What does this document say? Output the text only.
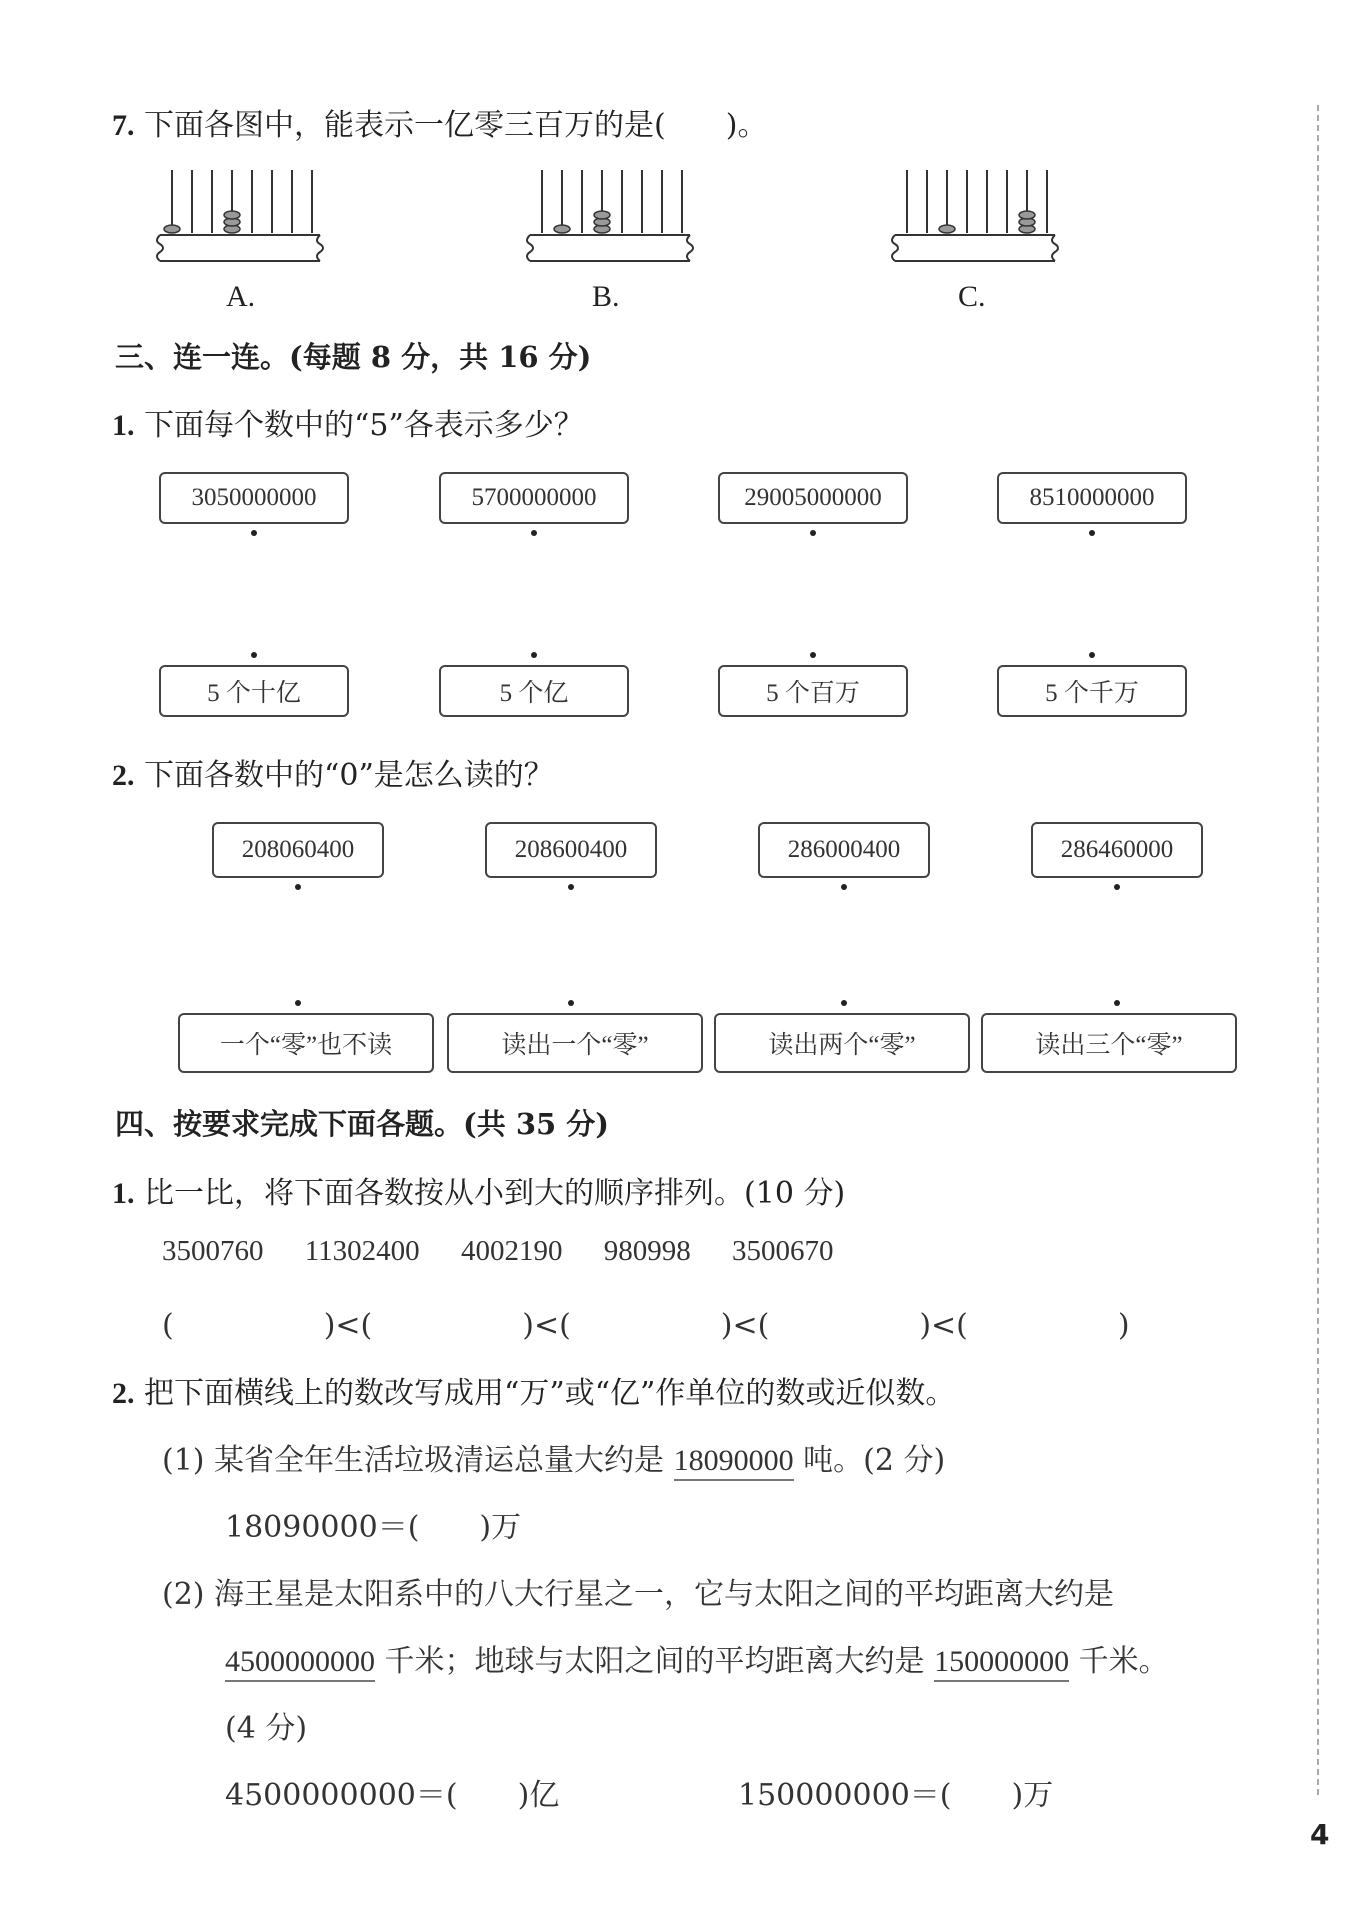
7. 下面各图中，能表示一亿零三百万的是(　　)。
A.	B.	C.
三、连一连。(每题 8 分，共 16 分)
1. 下面每个数中的“5”各表示多少？
3050000000	5700000000	29005000000	8510000000
5 个十亿	5 个亿	5 个百万	5 个千万
2. 下面各数中的“0”是怎么读的？
208060400	208600400	286000400	286460000
一个“零”也不读	读出一个“零”	读出两个“零”	读出三个“零”
四、按要求完成下面各题。(共 35 分)
1. 比一比，将下面各数按从小到大的顺序排列。(10 分)
3500760 11302400 4002190 980998 3500670
(　　　　　)<(　　　　　)<(　　　　　)<(　　　　　)<(　　　　　)
2. 把下面横线上的数改写成用“万”或“亿”作单位的数或近似数。
(1) 某省全年生活垃圾清运总量大约是 18090000 吨。(2 分)
18090000＝(　　)万
(2) 海王星是太阳系中的八大行星之一，它与太阳之间的平均距离大约是
4500000000 千米；地球与太阳之间的平均距离大约是 150000000 千米。
(4 分)
4500000000＝(　　)亿	150000000＝(　　)万
4
